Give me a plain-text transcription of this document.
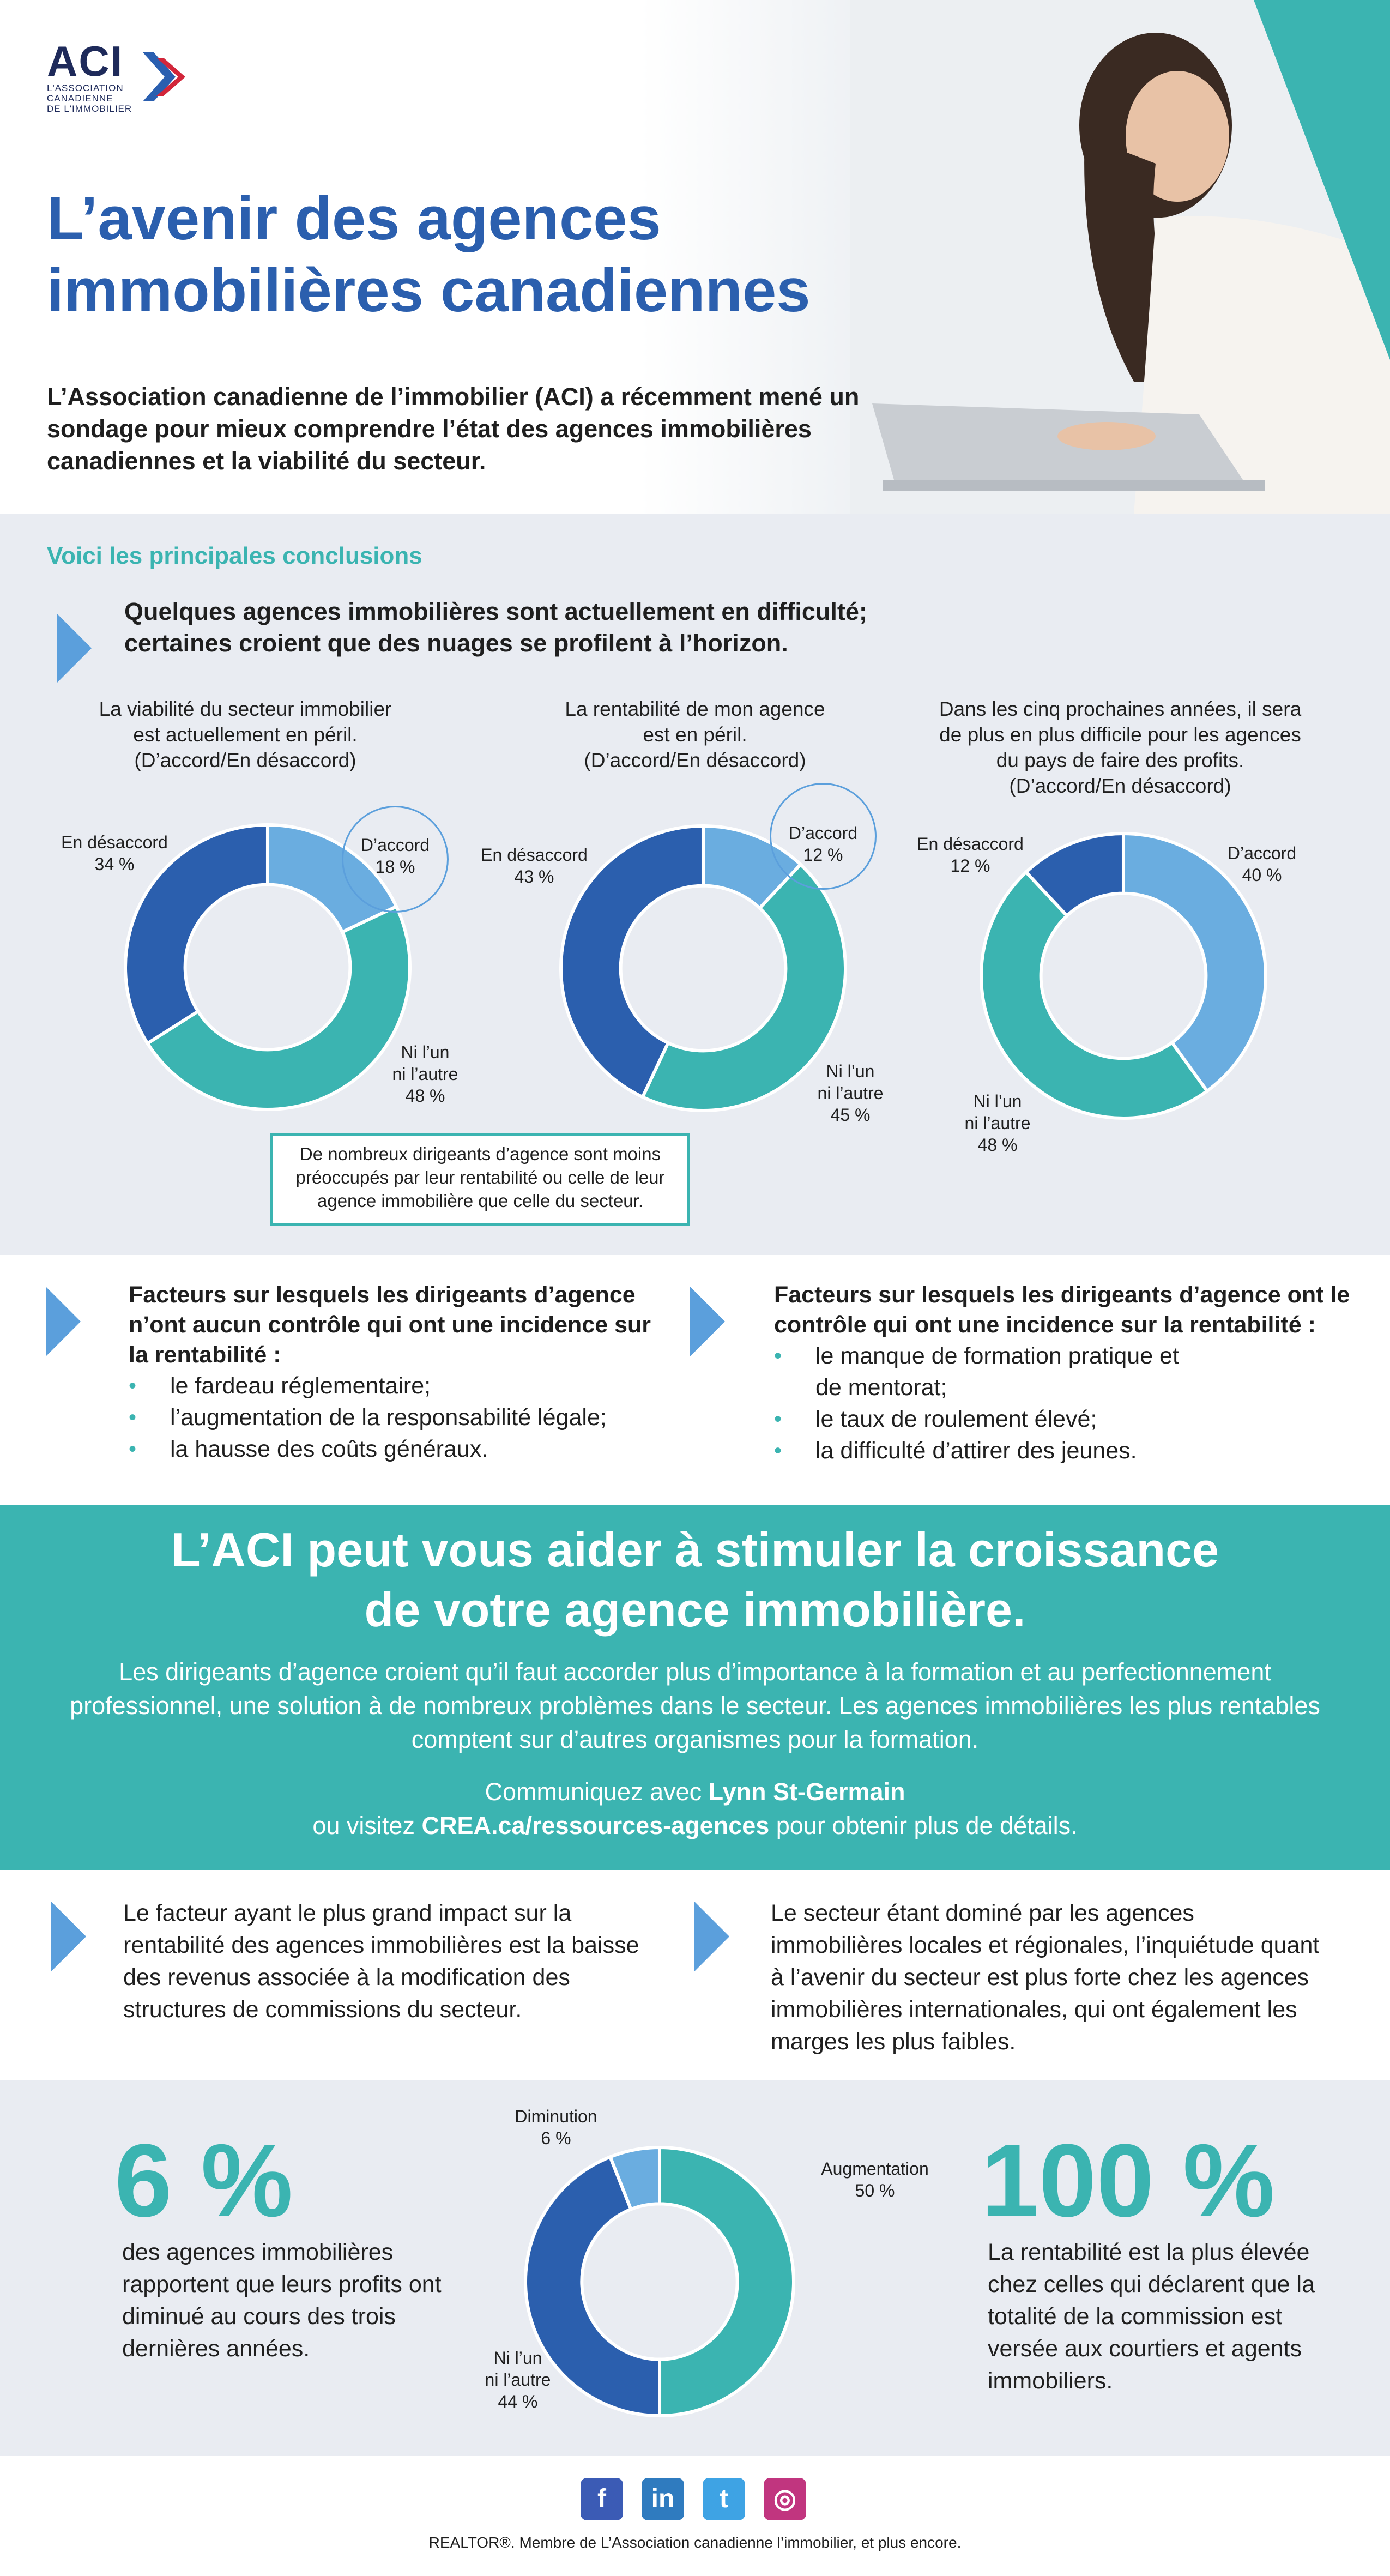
ACI
L'ASSOCIATION
CANADIENNE
DE L'IMMOBILIER
L’avenir des agences
immobilières canadiennes
L’Association canadienne de l’immobilier (ACI) a récemment mené un sondage pour mieux comprendre l’état des agences immobilières canadiennes et la viabilité du secteur.
Voici les principales conclusions
Quelques agences immobilières sont actuellement en difficulté; certaines croient que des nuages se profilent à l’horizon.
La viabilité du secteur immobilier
est actuellement en péril.
(D’accord/En désaccord)
D’accord
18 %
En désaccord
34 %
Ni l’un
ni l’autre
48 %
La rentabilité de mon agence
est en péril.
(D’accord/En désaccord)
D’accord
12 %
En désaccord
43 %
Ni l’un
ni l’autre
45 %
Dans les cinq prochaines années, il sera
de plus en plus difficile pour les agences
du pays de faire des profits.
(D’accord/En désaccord)
D’accord
40 %
En désaccord
12 %
Ni l’un
ni l’autre
48 %
De nombreux dirigeants d’agence sont moins préoccupés par leur rentabilité ou celle de leur agence immobilière que celle du secteur.
Facteurs sur lesquels les dirigeants d’agence n’ont aucun contrôle qui ont une incidence sur la rentabilité :
• le fardeau réglementaire;
• l’augmentation de la responsabilité légale;
• la hausse des coûts généraux.
Facteurs sur lesquels les dirigeants d’agence ont le contrôle qui ont une incidence sur la rentabilité :
• le manque de formation pratique et de mentorat;
• le taux de roulement élevé;
• la difficulté d’attirer des jeunes.
L’ACI peut vous aider à stimuler la croissance
de votre agence immobilière.
Les dirigeants d’agence croient qu’il faut accorder plus d’importance à la formation et au perfectionnement professionnel, une solution à de nombreux problèmes dans le secteur. Les agences immobilières les plus rentables comptent sur d’autres organismes pour la formation.
Communiquez avec Lynn St-Germain
ou visitez CREA.ca/ressources-agences pour obtenir plus de détails.
Le facteur ayant le plus grand impact sur la rentabilité des agences immobilières est la baisse des revenus associée à la modification des structures de commissions du secteur.
Le secteur étant dominé par les agences immobilières locales et régionales, l’inquiétude quant à l’avenir du secteur est plus forte chez les agences immobilières internationales, qui ont également les marges les plus faibles.
6 %
des agences immobilières rapportent que leurs profits ont diminué au cours des trois dernières années.
Diminution
6 %
Augmentation
50 %
Ni l’un
ni l’autre
44 %
100 %
La rentabilité est la plus élevée chez celles qui déclarent que la totalité de la commission est versée aux courtiers et agents immobiliers.
f	in	t	◎
REALTOR®. Membre de L’Association canadienne l’immobilier, et plus encore.
